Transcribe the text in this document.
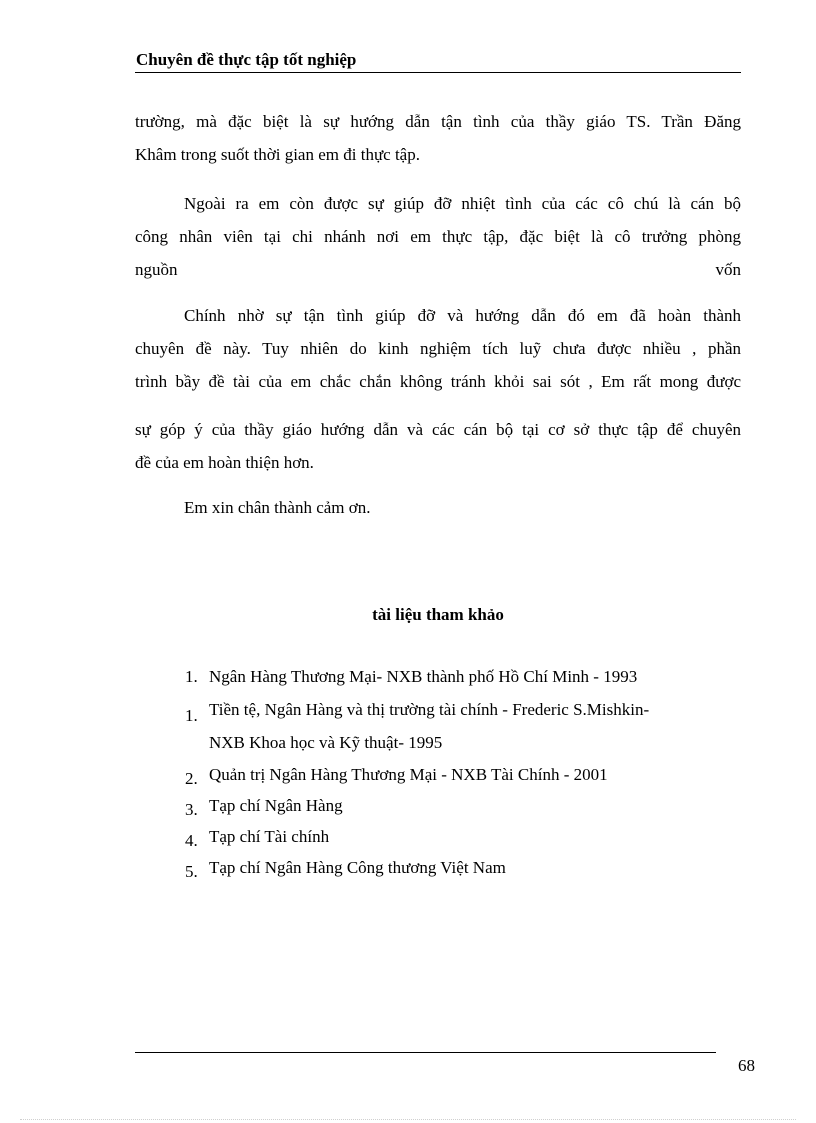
Chuyên đề thực tập tốt nghiệp
trường, mà đặc biệt là sự hướng dẫn tận tình của thầy giáo TS. Trần Đăng
Khâm trong suốt thời gian em đi thực tập.
Ngoài ra em còn được sự giúp đỡ nhiệt tình của các cô chú là cán bộ
công nhân viên tại chi nhánh nơi em thực tập, đặc biệt là cô trưởng phòng
nguồn	vốn
Chính nhờ sự tận tình giúp đỡ và hướng dẫn đó em đã hoàn thành
chuyên đề này. Tuy nhiên do kinh nghiệm tích luỹ chưa được nhiều , phần
trình bầy đề tài của em chắc chắn không tránh khỏi sai sót , Em rất mong được
sự góp ý của thầy giáo hướng dẫn và các cán bộ tại cơ sở thực tập để chuyên
đề của em hoàn thiện hơn.
Em xin chân thành cảm ơn.
tài liệu tham khảo
1. Ngân Hàng Thương Mại- NXB thành phố Hồ Chí Minh - 1993
1. Tiền tệ, Ngân Hàng và thị trường tài chính - Frederic S.Mishkin-
NXB Khoa học và Kỹ thuật- 1995
2. Quản trị Ngân Hàng Thương Mại - NXB Tài Chính - 2001
3. Tạp chí Ngân Hàng
4. Tạp chí Tài chính
5. Tạp chí Ngân Hàng Công thương Việt Nam
68
